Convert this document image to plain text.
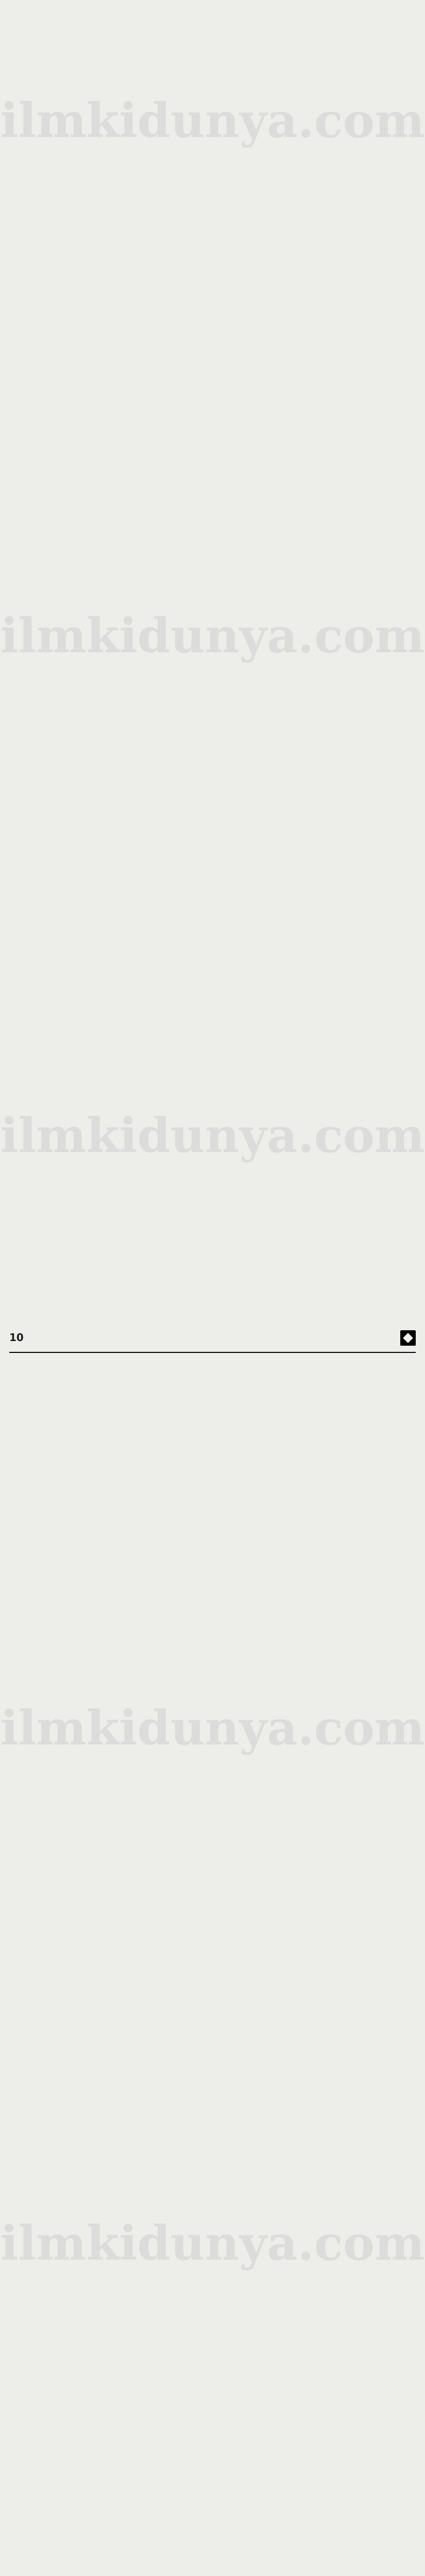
ilmkidunya.com
ilmkidunya.com
ilmkidunya.com
ilmkidunya.com
ilmkidunya.com
10
